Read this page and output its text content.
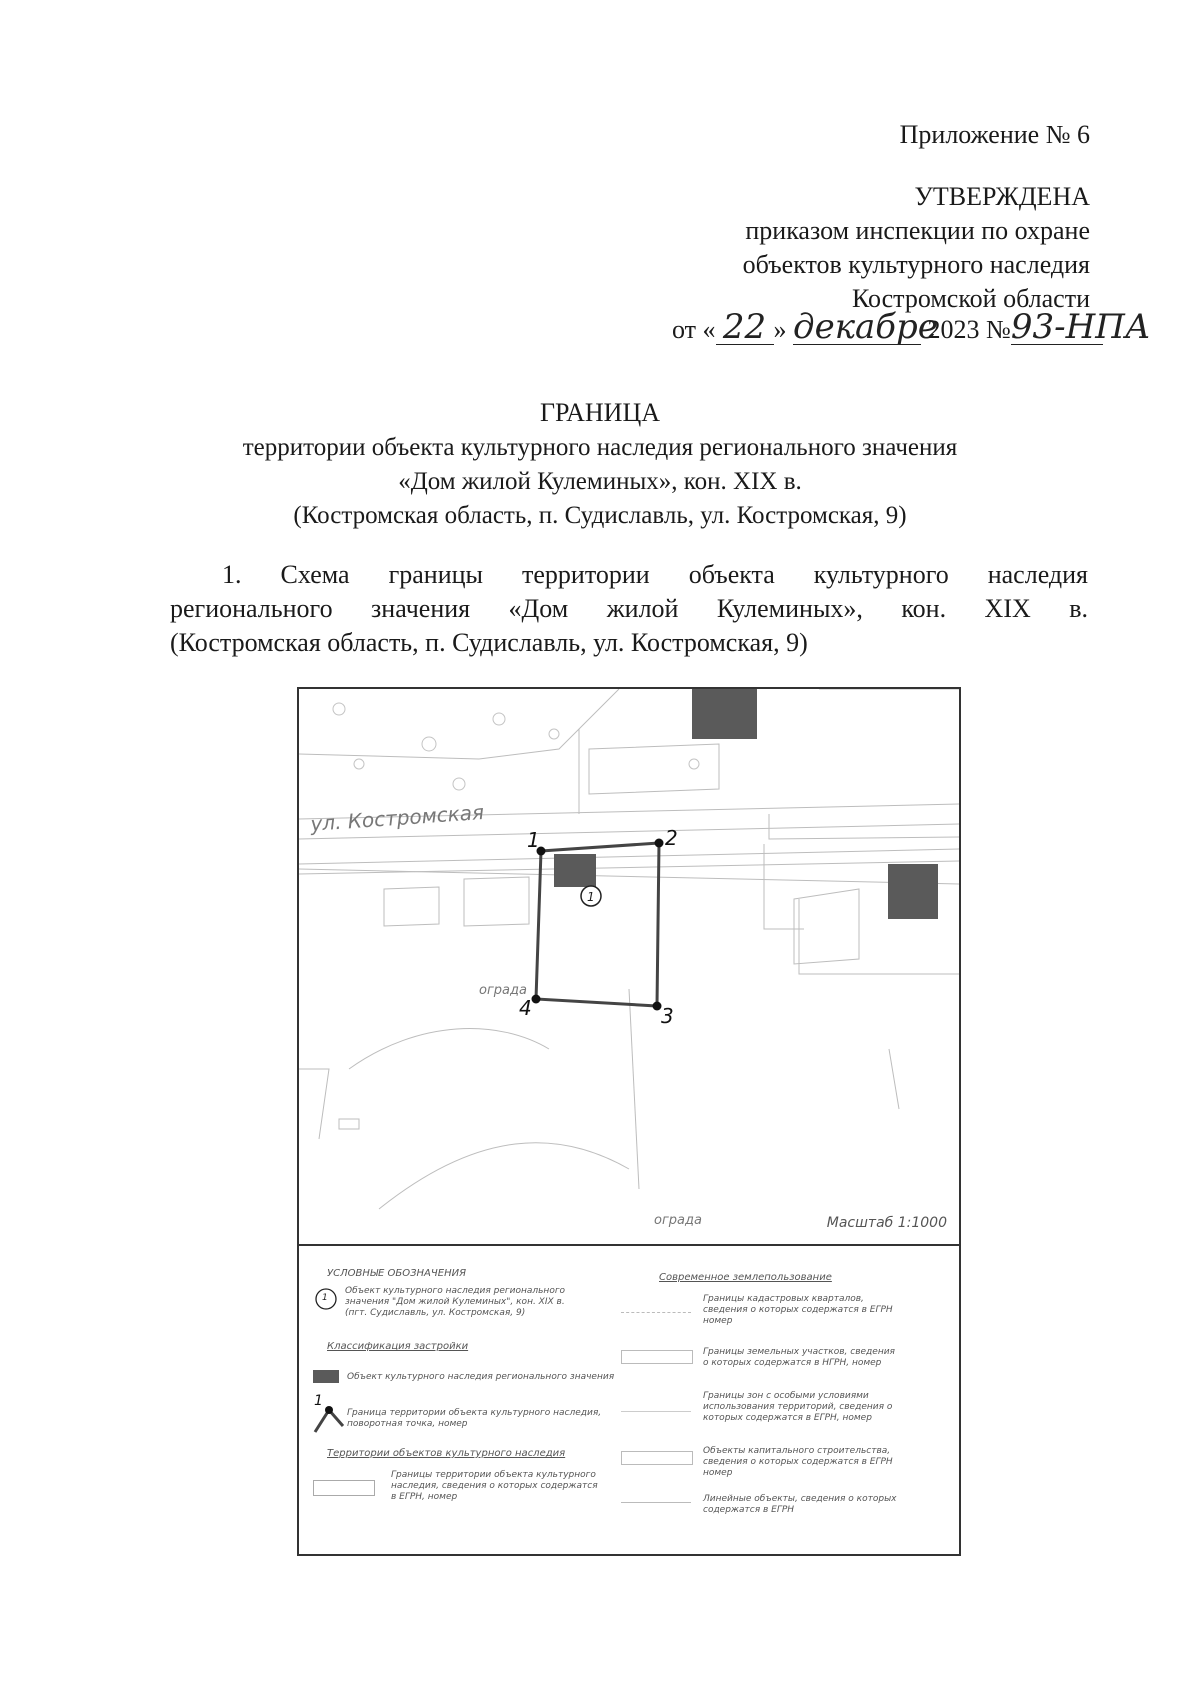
Приложение № 6
УТВЕРЖДЕНА
приказом инспекции по охране
объектов культурного наследия
Костромской области
от « 22 » декабре 2023 №93-НПА
ГРАНИЦА
территории объекта культурного наследия регионального значения
«Дом жилой Кулеминых», кон. XIX в.
(Костромская область, п. Судиславль, ул. Костромская, 9)
1. Схема границы территории объекта культурного наследия
регионального значения «Дом жилой Кулеминых», кон. XIX в.
(Костромская область, п. Судиславль, ул. Костромская, 9)
ул. Костромская
1	2
3
4
1
ограда
ограда	Масштаб 1:1000
УСЛОВНЫЕ ОБОЗНАЧЕНИЯ
1
Объект культурного наследия регионального
значения "Дом жилой Кулеминых", кон. XIX в.
(пгт. Судиславль, ул. Костромская, 9)
Классификация застройки
Объект культурного наследия регионального значения
1
Граница территории объекта культурного наследия,
поворотная точка, номер
Территории объектов культурного наследия
Границы территории объекта культурного
наследия, сведения о которых содержатся
в ЕГРН, номер
Современное землепользование
Границы кадастровых кварталов,
сведения о которых содержатся в ЕГРН
номер
Границы земельных участков, сведения
о которых содержатся в НГРН, номер
Границы зон с особыми условиями
использования территорий, сведения о
которых содержатся в ЕГРН, номер
Объекты капитального строительства,
сведения о которых содержатся в ЕГРН
номер
Линейные объекты, сведения о которых
содержатся в ЕГРН
